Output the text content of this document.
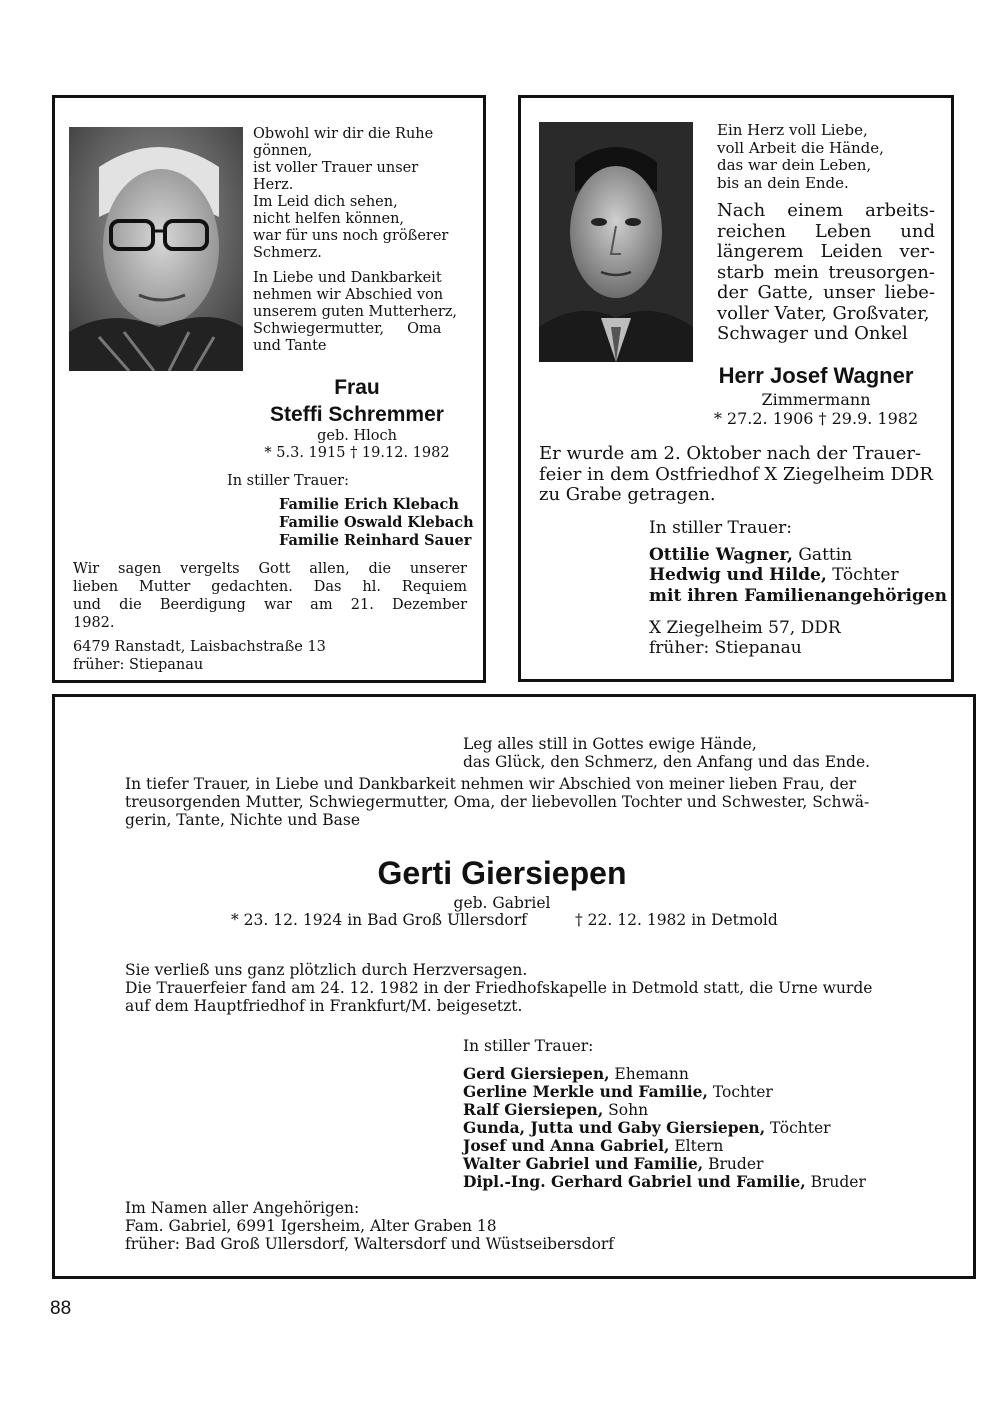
Obwohl wir dir die Ruhe
gönnen,
ist voller Trauer unser
Herz.
Im Leid dich sehen,
nicht helfen können,
war für uns noch größerer
Schmerz.
In Liebe und Dankbarkeit
nehmen wir Abschied von
unserem guten Mutterherz,
Schwiegermutter,     Oma
und Tante
Frau
Steffi Schremmer
geb. Hloch
* 5.3. 1915 † 19.12. 1982
In stiller Trauer:
Familie Erich Klebach
Familie Oswald Klebach
Familie Reinhard Sauer
Wir sagen vergelts Gott allen, die unserer
lieben Mutter gedachten. Das hl. Requiem
und die Beerdigung war am 21. Dezember
1982.
6479 Ranstadt, Laisbachstraße 13
früher: Stiepanau
Ein Herz voll Liebe,
voll Arbeit die Hände,
das war dein Leben,
bis an dein Ende.
Nach einem arbeits-
reichen Leben und
längerem Leiden ver-
starb mein treusorgen-
der Gatte, unser liebe-
voller Vater, Großvater,
Schwager und Onkel
Herr Josef Wagner
Zimmermann
* 27.2. 1906 † 29.9. 1982
Er wurde am 2. Oktober nach der Trauer-
feier in dem Ostfriedhof X Ziegelheim DDR
zu Grabe getragen.
In stiller Trauer:
Ottilie Wagner, Gattin
Hedwig und Hilde, Töchter
mit ihren Familienangehörigen
X Ziegelheim 57, DDR
früher: Stiepanau
Leg alles still in Gottes ewige Hände,
das Glück, den Schmerz, den Anfang und das Ende.
In tiefer Trauer, in Liebe und Dankbarkeit nehmen wir Abschied von meiner lieben Frau, der
treusorgenden Mutter, Schwiegermutter, Oma, der liebevollen Tochter und Schwester, Schwä-
gerin, Tante, Nichte und Base
Gerti Giersiepen
geb. Gabriel
* 23. 12. 1924 in Bad Groß Ullersdorf	† 22. 12. 1982 in Detmold
Sie verließ uns ganz plötzlich durch Herzversagen.
Die Trauerfeier fand am 24. 12. 1982 in der Friedhofskapelle in Detmold statt, die Urne wurde
auf dem Hauptfriedhof in Frankfurt/M. beigesetzt.
In stiller Trauer:
Gerd Giersiepen, Ehemann
Gerline Merkle und Familie, Tochter
Ralf Giersiepen, Sohn
Gunda, Jutta und Gaby Giersiepen, Töchter
Josef und Anna Gabriel, Eltern
Walter Gabriel und Familie, Bruder
Dipl.-Ing. Gerhard Gabriel und Familie, Bruder
Im Namen aller Angehörigen:
Fam. Gabriel, 6991 Igersheim, Alter Graben 18
früher: Bad Groß Ullersdorf, Waltersdorf und Wüstseibersdorf
88
